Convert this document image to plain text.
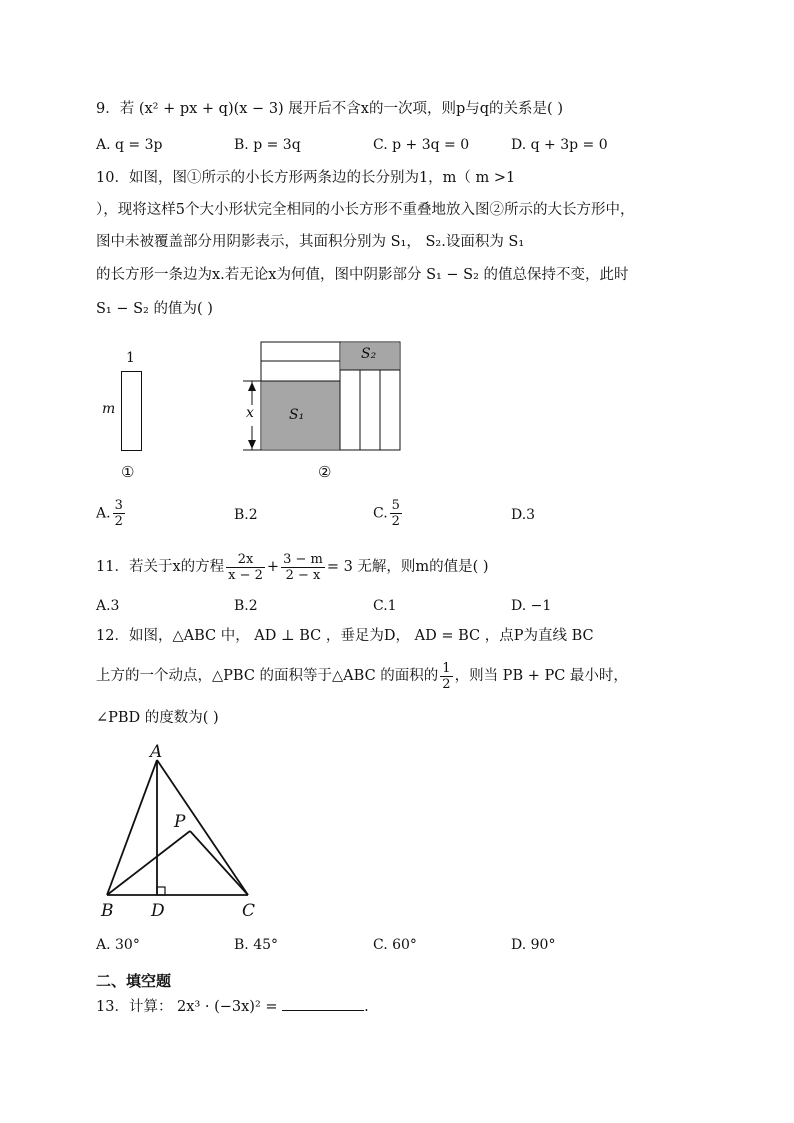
9．若 (x² + px + q)(x − 3) 展开后不含x的一次项，则p与q的关系是( )
A. q = 3p	B. p = 3q	C. p + 3q = 0	D. q + 3p = 0
10．如图，图①所示的小长方形两条边的长分别为1，m（ m >1
），现将这样5个大小形状完全相同的小长方形不重叠地放入图②所示的大长方形中，
图中未被覆盖部分用阴影表示，其面积分别为 S₁， S₂.设面积为 S₁
的长方形一条边为x.若无论x为何值，图中阴影部分 S₁ − S₂ 的值总保持不变，此时
S₁ − S₂ 的值为( )
1
m
①
x	S₁
S₂
②
A. $\frac{3}{2}$	B.2	C. $\frac{5}{2}$	D.3
11．若关于x的方程 $\frac{2x}{x - 2} + \frac{3 - m}{2 - x} = 3$ 无解，则m的值是( )
A.3	B.2	C.1	D. −1
12．如图，△ABC 中， AD ⊥ BC ，垂足为D， AD = BC ，点P为直线 BC
上方的一个动点，△PBC 的面积等于△ABC 的面积的 $\frac{1}{2}$ ，则当 PB + PC 最小时，
∠PBD 的度数为( )
A
P
B D	C
A. 30°	B. 45°	C. 60°	D. 90°
二、填空题
13．计算： 2x³ · (−3x)² =	.
